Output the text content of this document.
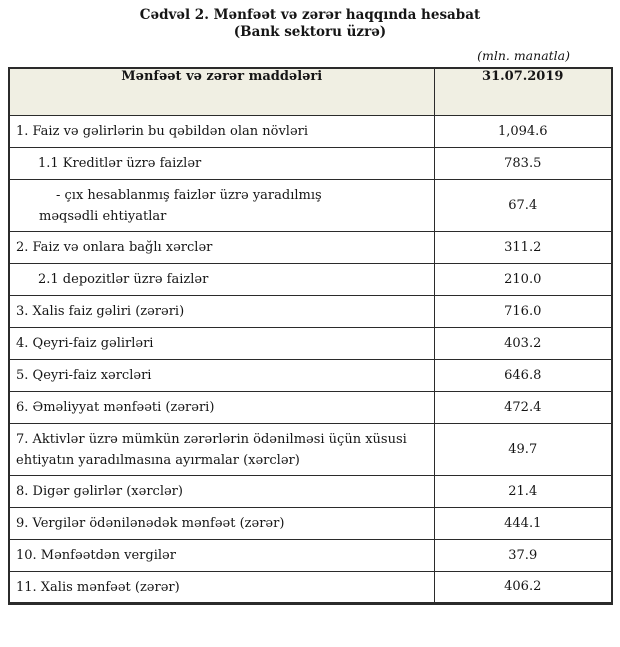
Cədvəl 2. Mənfəət və zərər haqqında hesabat
(Bank sektoru üzrə)
(mln. manatla)
Mənfəət və zərər maddələri	31.07.2019

1. Faiz və gəlirlərin bu qəbildən olan növləri	1,094.6

1.1 Kreditlər üzrə faizlər	783.5

- çıx hesablanmış faizlər üzrə yaradılmış
məqsədli ehtiyatlar	67.4

2. Faiz və onlara bağlı xərclər	311.2

2.1 depozitlər üzrə faizlər	210.0

3. Xalis faiz gəliri (zərəri)	716.0

4. Qeyri-faiz gəlirləri	403.2

5. Qeyri-faiz xərcləri	646.8

6. Əməliyyat mənfəəti (zərəri)	472.4

7. Aktivlər üzrə mümkün zərərlərin ödənilməsi üçün xüsusi
ehtiyatın yaradılmasına ayırmalar (xərclər)	49.7

8. Digər gəlirlər (xərclər)	21.4

9. Vergilər ödənilənədək mənfəət (zərər)	444.1

10. Mənfəətdən vergilər	37.9

11. Xalis mənfəət (zərər)	406.2
